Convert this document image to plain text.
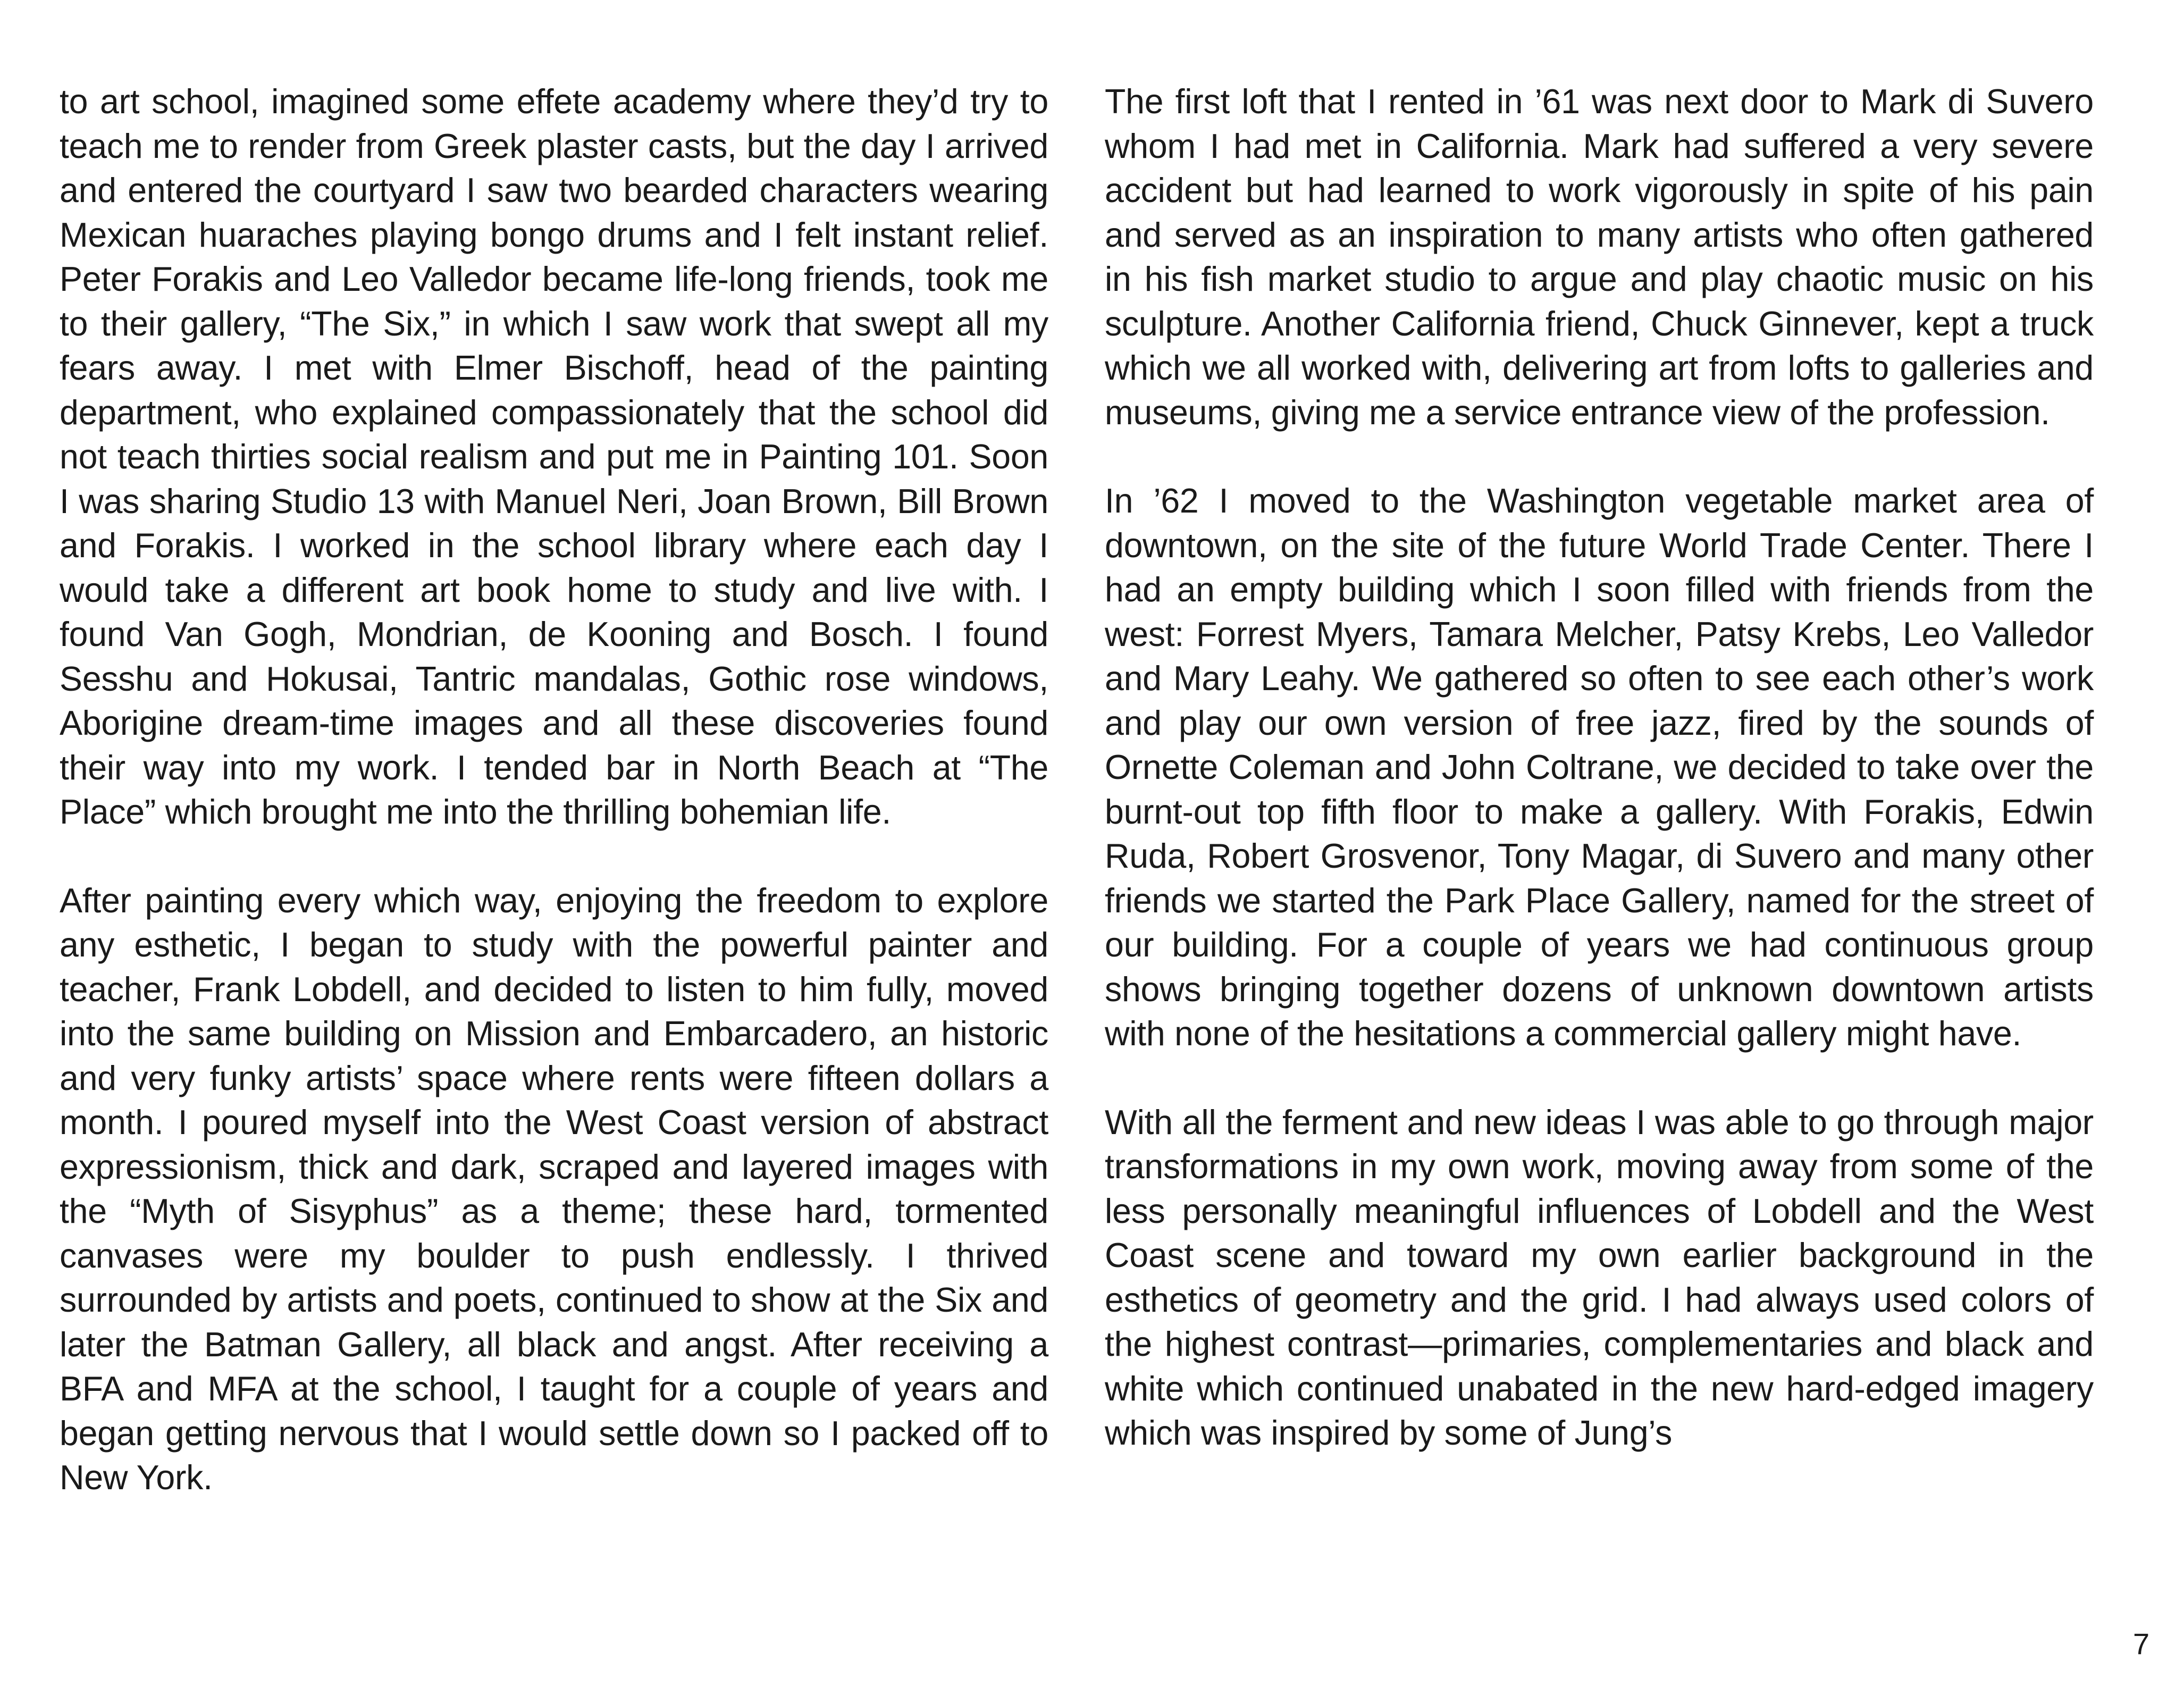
to art school, imagined some effete academy where they’d try to teach me to render from Greek plaster casts, but the day I arrived and entered the courtyard I saw two bearded characters wearing Mexican huaraches playing bongo drums and I felt instant relief. Peter Forakis and Leo Valledor became life-long friends, took me to their gallery, “The Six,” in which I saw work that swept all my fears away. I met with Elmer Bischoff, head of the painting department, who explained compassionately that the school did not teach thirties social realism and put me in Painting 101. Soon I was sharing Studio 13 with Manuel Neri, Joan Brown, Bill Brown and Forakis. I worked in the school library where each day I would take a different art book home to study and live with. I found Van Gogh, Mondrian, de Kooning and Bosch. I found Sesshu and Hokusai, Tantric mandalas, Gothic rose windows, Aborigine dream-time images and all these discoveries found their way into my work. I tended bar in North Beach at “The Place” which brought me into the thrilling bohemian life.

After painting every which way, enjoying the freedom to explore any esthetic, I began to study with the powerful painter and teacher, Frank Lobdell, and decided to listen to him fully, moved into the same building on Mission and Embarcadero, an historic and very funky artists’ space where rents were fifteen dollars a month. I poured myself into the West Coast version of abstract expressionism, thick and dark, scraped and layered images with the “Myth of Sisyphus” as a theme; these hard, tormented canvases were my boulder to push endlessly. I thrived surrounded by artists and poets, continued to show at the Six and later the Batman Gallery, all black and angst. After receiving a BFA and MFA at the school, I taught for a couple of years and began getting nervous that I would settle down so I packed off to New York.

The first loft that I rented in ’61 was next door to Mark di Suvero whom I had met in California. Mark had suffered a very severe accident but had learned to work vigorously in spite of his pain and served as an inspiration to many artists who often gathered in his fish market studio to argue and play chaotic music on his sculpture. Another California friend, Chuck Ginnever, kept a truck which we all worked with, delivering art from lofts to galleries and museums, giving me a service entrance view of the profession.

In ’62 I moved to the Washington vegetable market area of downtown, on the site of the future World Trade Center. There I had an empty building which I soon filled with friends from the west: Forrest Myers, Tamara Melcher, Patsy Krebs, Leo Valledor and Mary Leahy. We gathered so often to see each other’s work and play our own version of free jazz, fired by the sounds of Ornette Coleman and John Coltrane, we decided to take over the burnt-out top fifth floor to make a gallery. With Forakis, Edwin Ruda, Robert Grosvenor, Tony Magar, di Suvero and many other friends we started the Park Place Gallery, named for the street of our building. For a couple of years we had continuous group shows bringing together dozens of unknown downtown artists with none of the hesitations a commercial gallery might have.

With all the ferment and new ideas I was able to go through major transformations in my own work, moving away from some of the less personally meaningful influences of Lobdell and the West Coast scene and toward my own earlier background in the esthetics of geometry and the grid. I had always used colors of the highest contrast—primaries, complementaries and black and white which continued unabated in the new hard-edged imagery which was inspired by some of Jung’s

7
